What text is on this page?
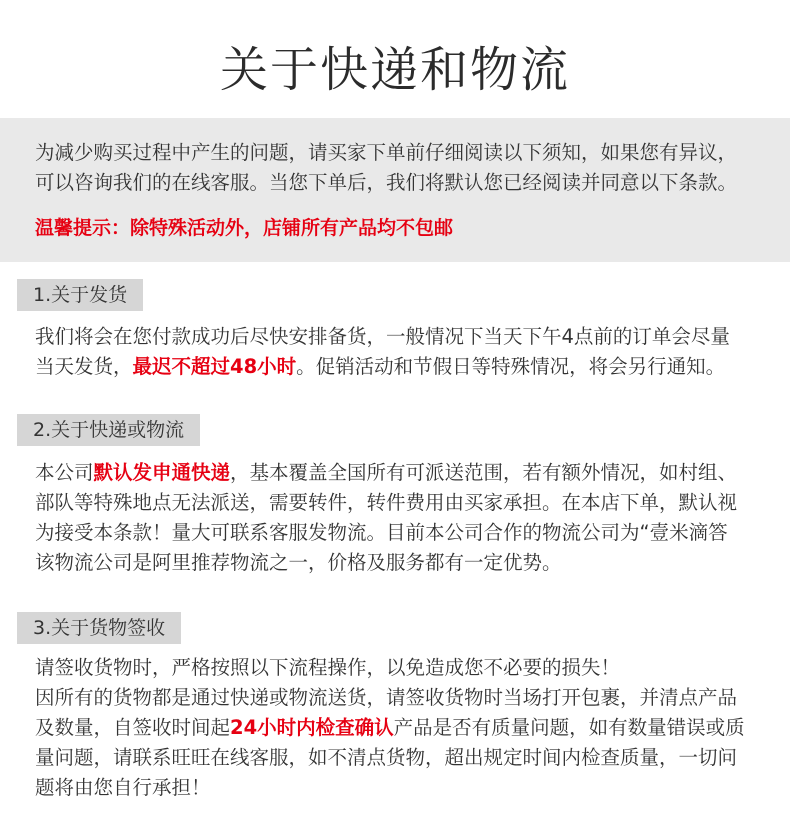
关于快递和物流
为减少购买过程中产生的问题，请买家下单前仔细阅读以下须知，如果您有异议，
可以咨询我们的在线客服。当您下单后，我们将默认您已经阅读并同意以下条款。
温馨提示：除特殊活动外，店铺所有产品均不包邮
1.关于发货
我们将会在您付款成功后尽快安排备货，一般情况下当天下午4点前的订单会尽量
当天发货，最迟不超过48小时。促销活动和节假日等特殊情况，将会另行通知。
2.关于快递或物流
本公司默认发申通快递，基本覆盖全国所有可派送范围，若有额外情况，如村组、
部队等特殊地点无法派送，需要转件，转件费用由买家承担。在本店下单，默认视
为接受本条款！量大可联系客服发物流。目前本公司合作的物流公司为“壹米滴答
该物流公司是阿里推荐物流之一，价格及服务都有一定优势。
3.关于货物签收
请签收货物时，严格按照以下流程操作，以免造成您不必要的损失！
因所有的货物都是通过快递或物流送货，请签收货物时当场打开包裹，并清点产品
及数量，自签收时间起24小时内检查确认产品是否有质量问题，如有数量错误或质
量问题，请联系旺旺在线客服，如不清点货物，超出规定时间内检查质量，一切问
题将由您自行承担！
